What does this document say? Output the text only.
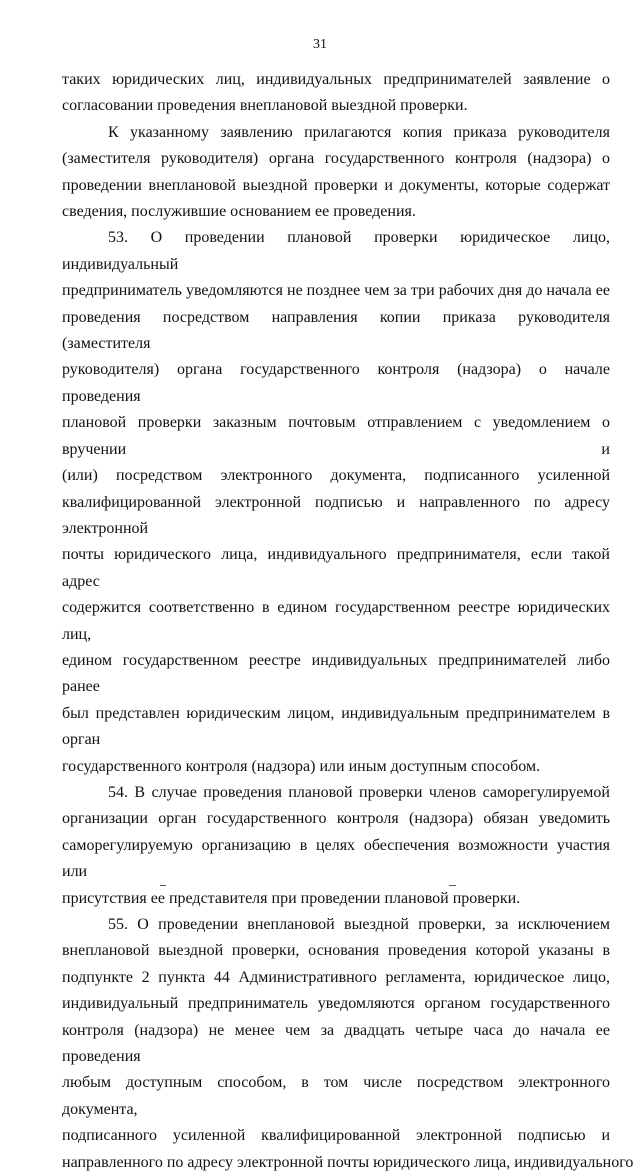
31

таких юридических лиц, индивидуальных предпринимателей заявление о
согласовании проведения внеплановой выездной проверки.

К указанному заявлению прилагаются копия приказа руководителя
(заместителя руководителя) органа государственного контроля (надзора) о
проведении внеплановой выездной проверки и документы, которые содержат
сведения, послужившие основанием ее проведения.

53. О проведении плановой проверки юридическое лицо, индивидуальный
предприниматель уведомляются не позднее чем за три рабочих дня до начала ее
проведения посредством направления копии приказа руководителя (заместителя
руководителя) органа государственного контроля (надзора) о начале проведения
плановой проверки заказным почтовым отправлением с уведомлением о вручении и
(или) посредством электронного документа, подписанного усиленной
квалифицированной электронной подписью и направленного по адресу электронной
почты юридического лица, индивидуального предпринимателя, если такой адрес
содержится соответственно в едином государственном реестре юридических лиц,
едином государственном реестре индивидуальных предпринимателей либо ранее
был представлен юридическим лицом, индивидуальным предпринимателем в орган
государственного контроля (надзора) или иным доступным способом.

54. В случае проведения плановой проверки членов саморегулируемой
организации орган государственного контроля (надзора) обязан уведомить
саморегулируемую организацию в целях обеспечения возможности участия или
присутствия ее представителя при проведении плановой проверки.

55. О проведении внеплановой выездной проверки, за исключением
внеплановой выездной проверки, основания проведения которой указаны в
подпункте 2 пункта 44 Административного регламента, юридическое лицо,
индивидуальный предприниматель уведомляются органом государственного
контроля (надзора) не менее чем за двадцать четыре часа до начала ее проведения
любым доступным способом, в том числе посредством электронного документа,
подписанного усиленной квалифицированной электронной подписью и
направленного по адресу электронной почты юридического лица, индивидуального
